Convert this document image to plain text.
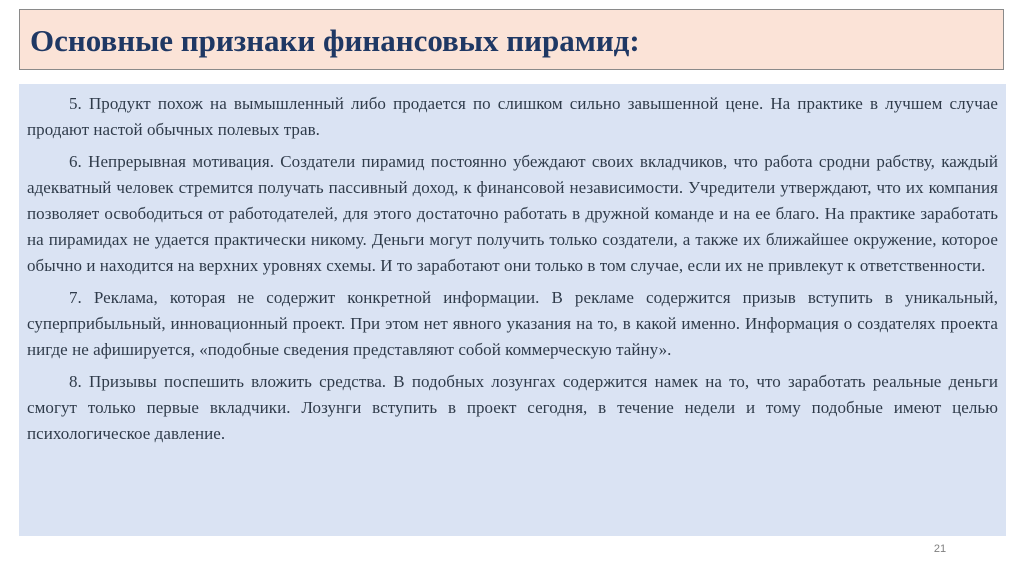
Основные признаки финансовых пирамид:

5. Продукт похож на вымышленный либо продается по слишком сильно завышенной цене. На практике в лучшем случае продают настой обычных полевых трав.

6. Непрерывная мотивация. Создатели пирамид постоянно убеждают своих вкладчиков, что работа сродни рабству, каждый адекватный человек стремится получать пассивный доход, к финансовой независимости. Учредители утверждают, что их компания позволяет освободиться от работодателей, для этого достаточно работать в дружной команде и на ее благо. На практике заработать на пирамидах не удается практически никому. Деньги могут получить только создатели, а также их ближайшее окружение, которое обычно и находится на верхних уровнях схемы. И то заработают они только в том случае, если их не привлекут к ответственности.

7. Реклама, которая не содержит конкретной информации. В рекламе содержится призыв вступить в уникальный, суперприбыльный, инновационный проект. При этом нет явного указания на то, в какой именно. Информация о создателях проекта нигде не афишируется, «подобные сведения представляют собой коммерческую тайну».

8. Призывы поспешить вложить средства. В подобных лозунгах содержится намек на то, что заработать реальные деньги смогут только первые вкладчики. Лозунги вступить в проект сегодня, в течение недели и тому подобные имеют целью психологическое давление.

21
